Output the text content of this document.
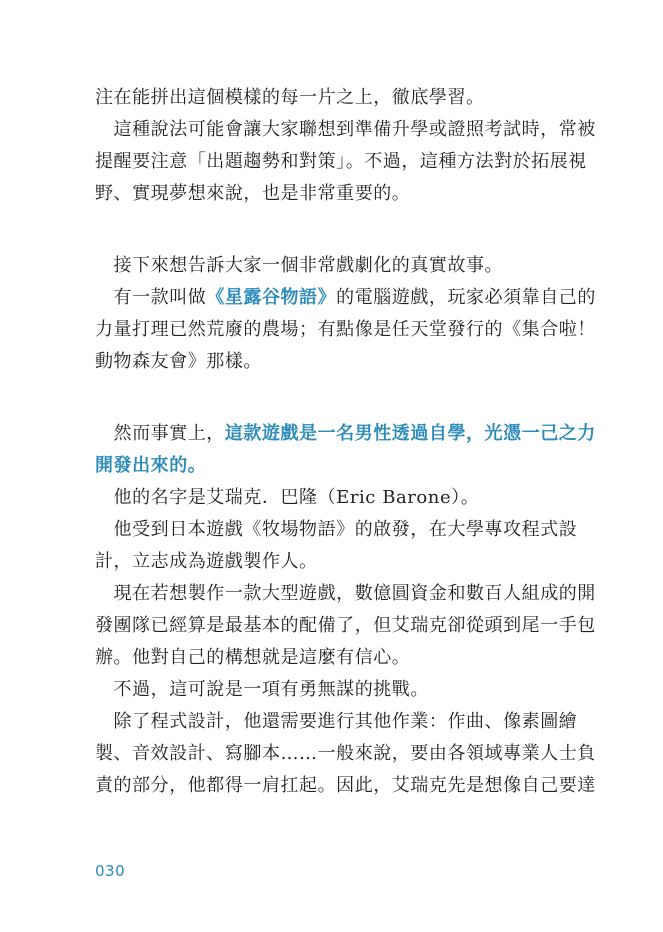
注在能拼出這個模樣的每一片之上，徹底學習。
　這種說法可能會讓大家聯想到準備升學或證照考試時，常被
提醒要注意「出題趨勢和對策」。不過，這種方法對於拓展視
野、實現夢想來說，也是非常重要的。
　接下來想告訴大家一個非常戲劇化的真實故事。
　有一款叫做《星露谷物語》的電腦遊戲，玩家必須靠自己的
力量打理已然荒廢的農場；有點像是任天堂發行的《集合啦！
動物森友會》那樣。
　然而事實上，這款遊戲是一名男性透過自學，光憑一己之力
開發出來的。
　他的名字是艾瑞克．巴隆（Eric Barone）。
　他受到日本遊戲《牧場物語》的啟發，在大學專攻程式設
計，立志成為遊戲製作人。
　現在若想製作一款大型遊戲，數億圓資金和數百人組成的開
發團隊已經算是最基本的配備了，但艾瑞克卻從頭到尾一手包
辦。他對自己的構想就是這麼有信心。
　不過，這可說是一項有勇無謀的挑戰。
　除了程式設計，他還需要進行其他作業：作曲、像素圖繪
製、音效設計、寫腳本……一般來說，要由各領域專業人士負
責的部分，他都得一肩扛起。因此，艾瑞克先是想像自己要達
030
